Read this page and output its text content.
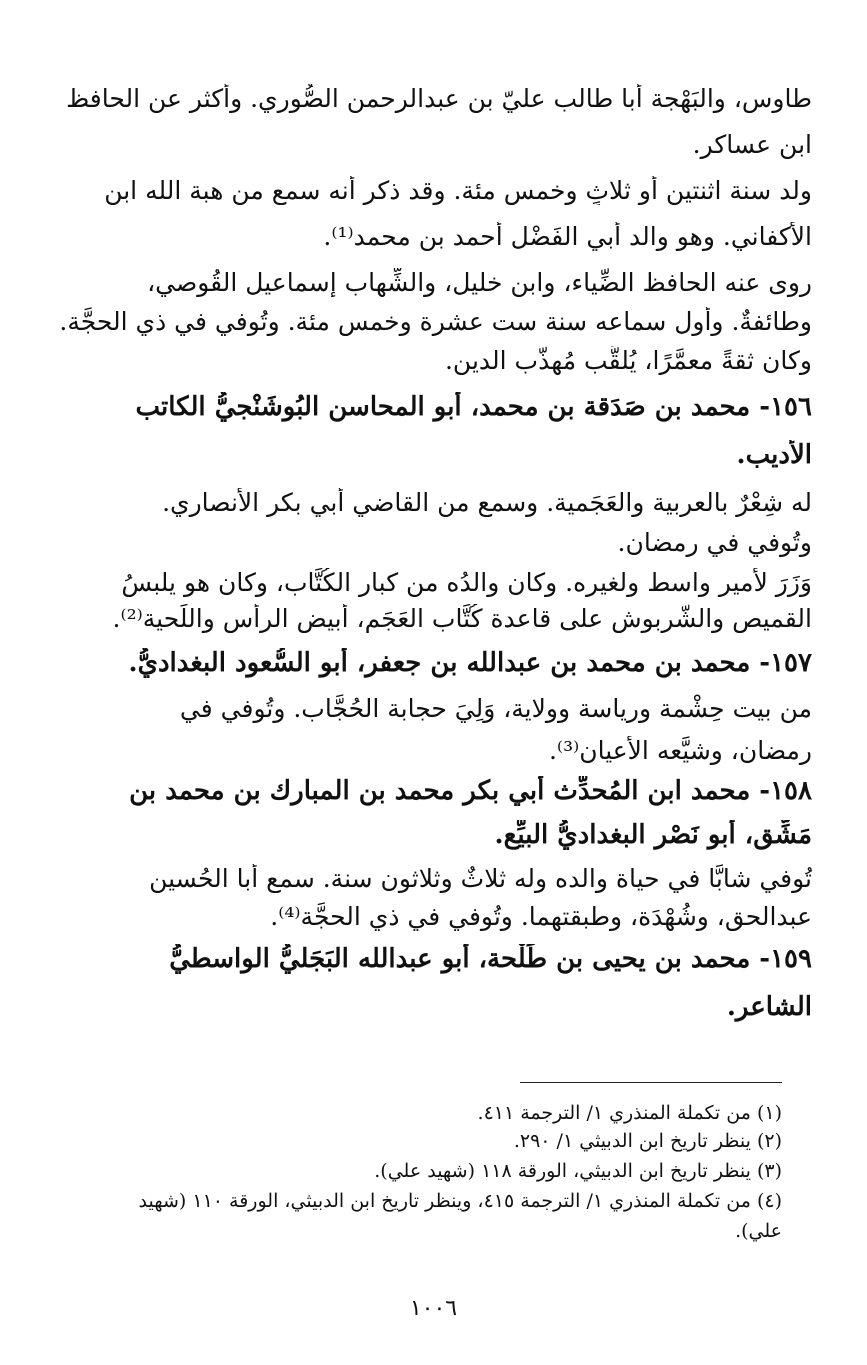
طاوس، والبَهْجة أبا طالب عليّ بن عبدالرحمن الصُّوري. وأكثر عن الحافظ
ابن عساكر.
ولد سنة اثنتين أو ثلاثٍ وخمس مئة. وقد ذكر أنه سمع من هبة الله ابن
الأكفاني. وهو والد أبي الفَضْل أحمد بن محمد⁽¹⁾.
روى عنه الحافظ الضِّياء، وابن خليل، والشِّهاب إسماعيل القُوصي،
وطائفةٌ. وأول سماعه سنة ست عشرة وخمس مئة. وتُوفي في ذي الحجَّة.
وكان ثقةً معمَّرًا، يُلقَّب مُهذَّب الدين.
١٥٦- محمد بن صَدَقة بن محمد، أبو المحاسن البُوشَنْجيُّ الكاتب
الأديب.
له شِعْرٌ بالعربية والعَجَمية. وسمع من القاضي أبي بكر الأنصاري.
وتُوفي في رمضان.
وَزَرَ لأمير واسط ولغيره. وكان والدُه من كبار الكُتَّاب، وكان هو يلبسُ
القميص والشَّربوش على قاعدة كُتَّاب العَجَم، أبيض الرأس واللِّحية⁽²⁾.
١٥٧- محمد بن محمد بن عبدالله بن جعفر، أبو السُّعود البغداديُّ.
من بيت حِشْمة ورياسة وولاية، وَلِيَ حجابة الحُجَّاب. وتُوفي في
رمضان، وشيَّعه الأعيان⁽³⁾.
١٥٨- محمد ابن المُحدِّث أبي بكر محمد بن المبارك بن محمد بن
مَشِّق، أبو نَصْر البغداديُّ البيِّع.
تُوفي شابًّا في حياة والده وله ثلاثٌ وثلاثون سنة. سمع أبا الحُسين
عبدالحق، وشُهْدَة، وطبقتهما. وتُوفي في ذي الحجَّة⁽⁴⁾.
١٥٩- محمد بن يحيى بن طَلْحة، أبو عبدالله البَجَليُّ الواسطيُّ
الشاعر.
(١) من تكملة المنذري ١/ الترجمة ٤١١.
(٢) ينظر تاريخ ابن الدبيثي ١/ ٢٩٠.
(٣) ينظر تاريخ ابن الدبيثي، الورقة ١١٨ (شهيد علي).
(٤) من تكملة المنذري ١/ الترجمة ٤١٥، وينظر تاريخ ابن الدبيثي، الورقة ١١٠ (شهيد
علي).
١٠٠٦
